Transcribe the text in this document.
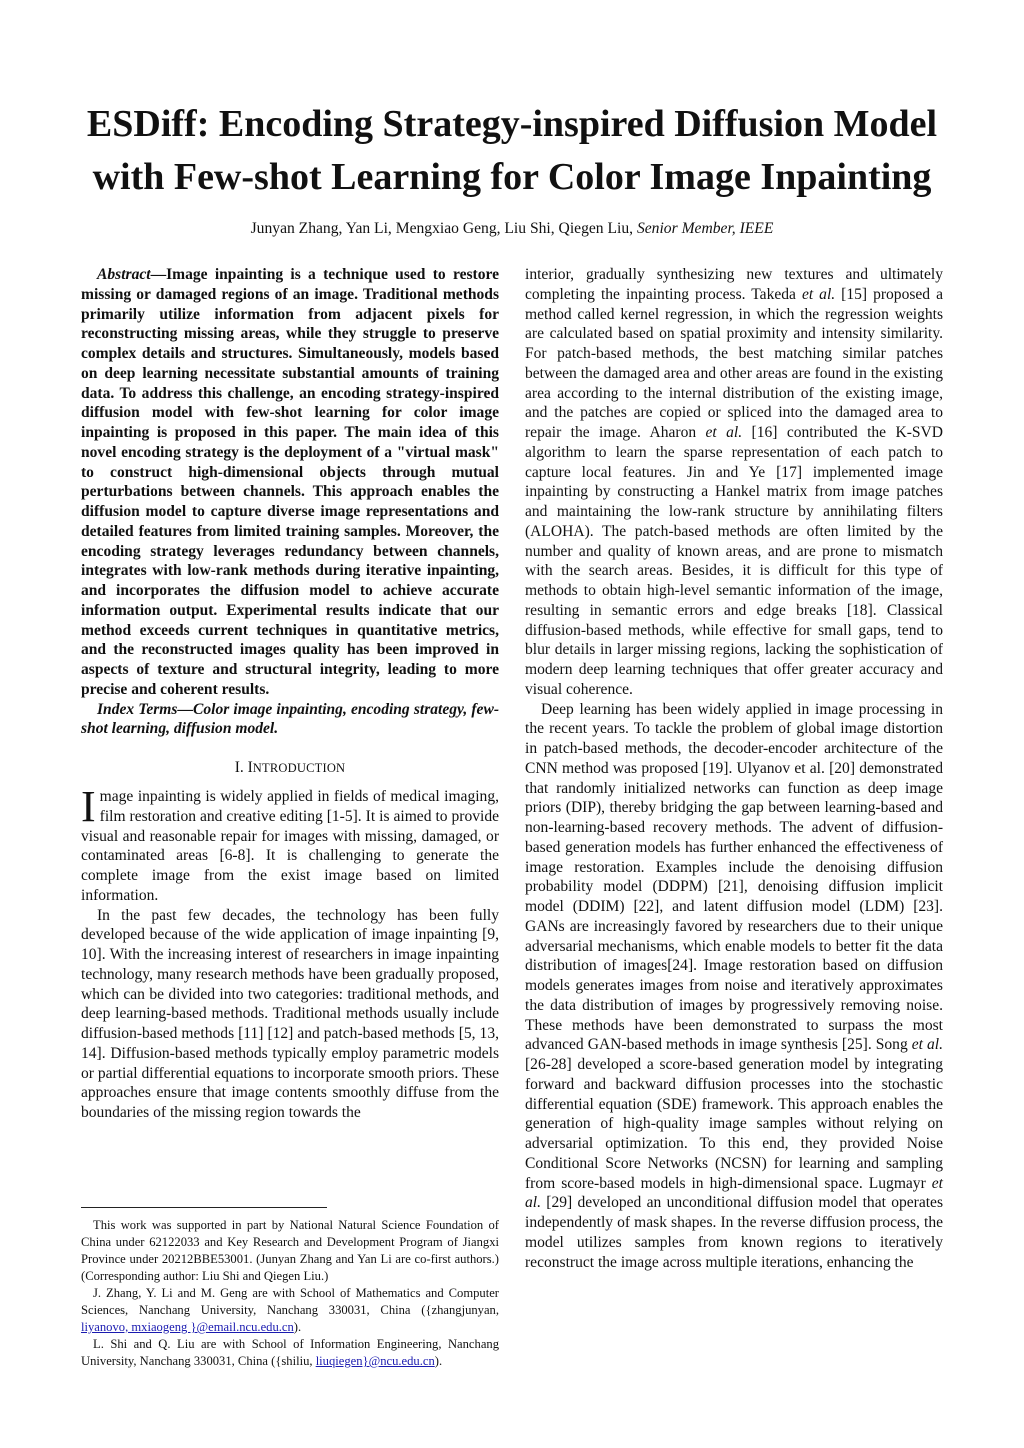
ESDiff: Encoding Strategy-inspired Diffusion Model
with Few-shot Learning for Color Image Inpainting
Junyan Zhang, Yan Li, Mengxiao Geng, Liu Shi, Qiegen Liu, Senior Member, IEEE

Abstract—Image inpainting is a technique used to restore missing or damaged regions of an image. Traditional methods primarily utilize information from adjacent pixels for reconstructing missing areas, while they struggle to preserve complex details and structures. Simultaneously, models based on deep learning necessitate substantial amounts of training data. To address this challenge, an encoding strategy-inspired diffusion model with few-shot learning for color image inpainting is proposed in this paper. The main idea of this novel encoding strategy is the deployment of a "virtual mask" to construct high-dimensional objects through mutual perturbations between channels. This approach enables the diffusion model to capture diverse image representations and detailed features from limited training samples. Moreover, the encoding strategy leverages redundancy between channels, integrates with low-rank methods during iterative inpainting, and incorporates the diffusion model to achieve accurate information output. Experimental results indicate that our method exceeds current techniques in quantitative metrics, and the reconstructed images quality has been improved in aspects of texture and structural integrity, leading to more precise and coherent results.

Index Terms—Color image inpainting, encoding strategy, few-shot learning, diffusion model.

I. INTRODUCTION

Image inpainting is widely applied in fields of medical imaging, film restoration and creative editing [1-5]. It is aimed to provide visual and reasonable repair for images with missing, damaged, or contaminated areas [6-8]. It is challenging to generate the complete image from the exist image based on limited information.

In the past few decades, the technology has been fully developed because of the wide application of image inpainting [9, 10]. With the increasing interest of researchers in image inpainting technology, many research methods have been gradually proposed, which can be divided into two categories: traditional methods, and deep learning-based methods. Traditional methods usually include diffusion-based methods [11] [12] and patch-based methods [5, 13, 14]. Diffusion-based methods typically employ parametric models or partial differential equations to incorporate smooth priors. These approaches ensure that image contents smoothly diffuse from the boundaries of the missing region towards the

interior, gradually synthesizing new textures and ultimately completing the inpainting process. Takeda et al. [15] proposed a method called kernel regression, in which the regression weights are calculated based on spatial proximity and intensity similarity. For patch-based methods, the best matching similar patches between the damaged area and other areas are found in the existing area according to the internal distribution of the existing image, and the patches are copied or spliced into the damaged area to repair the image. Aharon et al. [16] contributed the K-SVD algorithm to learn the sparse representation of each patch to capture local features. Jin and Ye [17] implemented image inpainting by constructing a Hankel matrix from image patches and maintaining the low-rank structure by annihilating filters (ALOHA). The patch-based methods are often limited by the number and quality of known areas, and are prone to mismatch with the search areas. Besides, it is difficult for this type of methods to obtain high-level semantic information of the image, resulting in semantic errors and edge breaks [18]. Classical diffusion-based methods, while effective for small gaps, tend to blur details in larger missing regions, lacking the sophistication of modern deep learning techniques that offer greater accuracy and visual coherence.

Deep learning has been widely applied in image processing in the recent years. To tackle the problem of global image distortion in patch-based methods, the decoder-encoder architecture of the CNN method was proposed [19]. Ulyanov et al. [20] demonstrated that randomly initialized networks can function as deep image priors (DIP), thereby bridging the gap between learning-based and non-learning-based recovery methods. The advent of diffusion-based generation models has further enhanced the effectiveness of image restoration. Examples include the denoising diffusion probability model (DDPM) [21], denoising diffusion implicit model (DDIM) [22], and latent diffusion model (LDM) [23]. GANs are increasingly favored by researchers due to their unique adversarial mechanisms, which enable models to better fit the data distribution of images[24]. Image restoration based on diffusion models generates images from noise and iteratively approximates the data distribution of images by progressively removing noise. These methods have been demonstrated to surpass the most advanced GAN-based methods in image synthesis [25]. Song et al. [26-28] developed a score-based generation model by integrating forward and backward diffusion processes into the stochastic differential equation (SDE) framework. This approach enables the generation of high-quality image samples without relying on adversarial optimization. To this end, they provided Noise Conditional Score Networks (NCSN) for learning and sampling from score-based models in high-dimensional space. Lugmayr et al. [29] developed an unconditional diffusion model that operates independently of mask shapes. In the reverse diffusion process, the model utilizes samples from known regions to iteratively reconstruct the image across multiple iterations, enhancing the

This work was supported in part by National Natural Science Foundation of China under 62122033 and Key Research and Development Program of Jiangxi Province under 20212BBE53001. (Junyan Zhang and Yan Li are co-first authors.) (Corresponding author: Liu Shi and Qiegen Liu.)

J. Zhang, Y. Li and M. Geng are with School of Mathematics and Computer Sciences, Nanchang University, Nanchang 330031, China ({zhangjunyan, liyanovo, mxiaogeng }@email.ncu.edu.cn).

L. Shi and Q. Liu are with School of Information Engineering, Nanchang University, Nanchang 330031, China ({shiliu, liuqiegen}@ncu.edu.cn).
